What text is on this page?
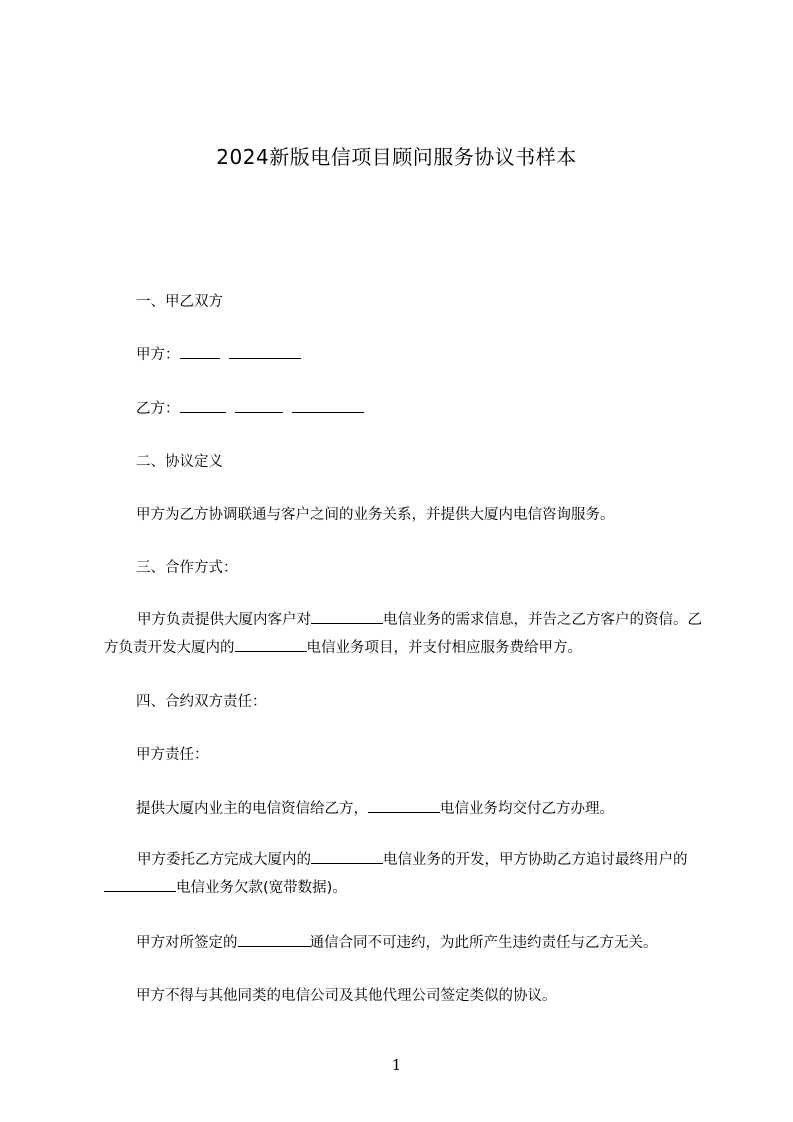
2024新版电信项目顾问服务协议书样本
一、甲乙双方
甲方：
乙方：
二、协议定义
甲方为乙方协调联通与客户之间的业务关系，并提供大厦内电信咨询服务。
三、合作方式：
甲方负责提供大厦内客户对	电信业务的需求信息，并告之乙方客户的资信。乙方负责开发大厦内的	电信业务项目，并支付相应服务费给甲方。
四、合约双方责任：
甲方责任：
提供大厦内业主的电信资信给乙方，	电信业务均交付乙方办理。
甲方委托乙方完成大厦内的	电信业务的开发，甲方协助乙方追讨最终用户的电信业务欠款(宽带数据)。
甲方对所签定的	通信合同不可违约，为此所产生违约责任与乙方无关。
甲方不得与其他同类的电信公司及其他代理公司签定类似的协议。
1
